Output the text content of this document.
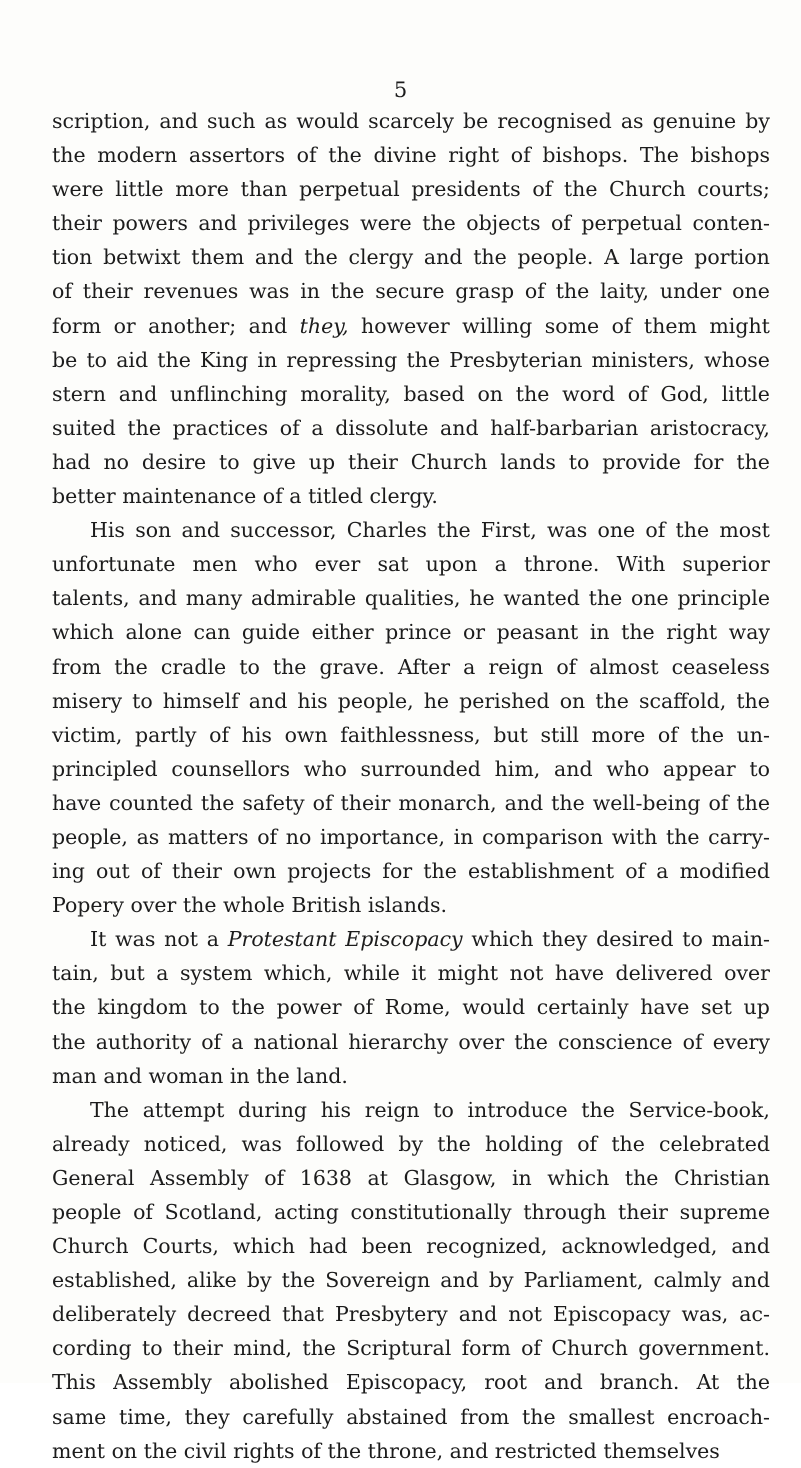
5
scription, and such as would scarcely be recognised as genuine by
the modern assertors of the divine right of bishops. The bishops
were little more than perpetual presidents of the Church courts;
their powers and privileges were the objects of perpetual conten-
tion betwixt them and the clergy and the people. A large portion
of their revenues was in the secure grasp of the laity, under one
form or another; and they, however willing some of them might
be to aid the King in repressing the Presbyterian ministers, whose
stern and unflinching morality, based on the word of God, little
suited the practices of a dissolute and half-barbarian aristocracy,
had no desire to give up their Church lands to provide for the
better maintenance of a titled clergy.
His son and successor, Charles the First, was one of the most
unfortunate men who ever sat upon a throne. With superior
talents, and many admirable qualities, he wanted the one principle
which alone can guide either prince or peasant in the right way
from the cradle to the grave. After a reign of almost ceaseless
misery to himself and his people, he perished on the scaffold, the
victim, partly of his own faithlessness, but still more of the un-
principled counsellors who surrounded him, and who appear to
have counted the safety of their monarch, and the well-being of the
people, as matters of no importance, in comparison with the carry-
ing out of their own projects for the establishment of a modified
Popery over the whole British islands.
It was not a Protestant Episcopacy which they desired to main-
tain, but a system which, while it might not have delivered over
the kingdom to the power of Rome, would certainly have set up
the authority of a national hierarchy over the conscience of every
man and woman in the land.
The attempt during his reign to introduce the Service-book,
already noticed, was followed by the holding of the celebrated
General Assembly of 1638 at Glasgow, in which the Christian
people of Scotland, acting constitutionally through their supreme
Church Courts, which had been recognized, acknowledged, and
established, alike by the Sovereign and by Parliament, calmly and
deliberately decreed that Presbytery and not Episcopacy was, ac-
cording to their mind, the Scriptural form of Church government.
This Assembly abolished Episcopacy, root and branch. At the
same time, they carefully abstained from the smallest encroach-
ment on the civil rights of the throne, and restricted themselves
